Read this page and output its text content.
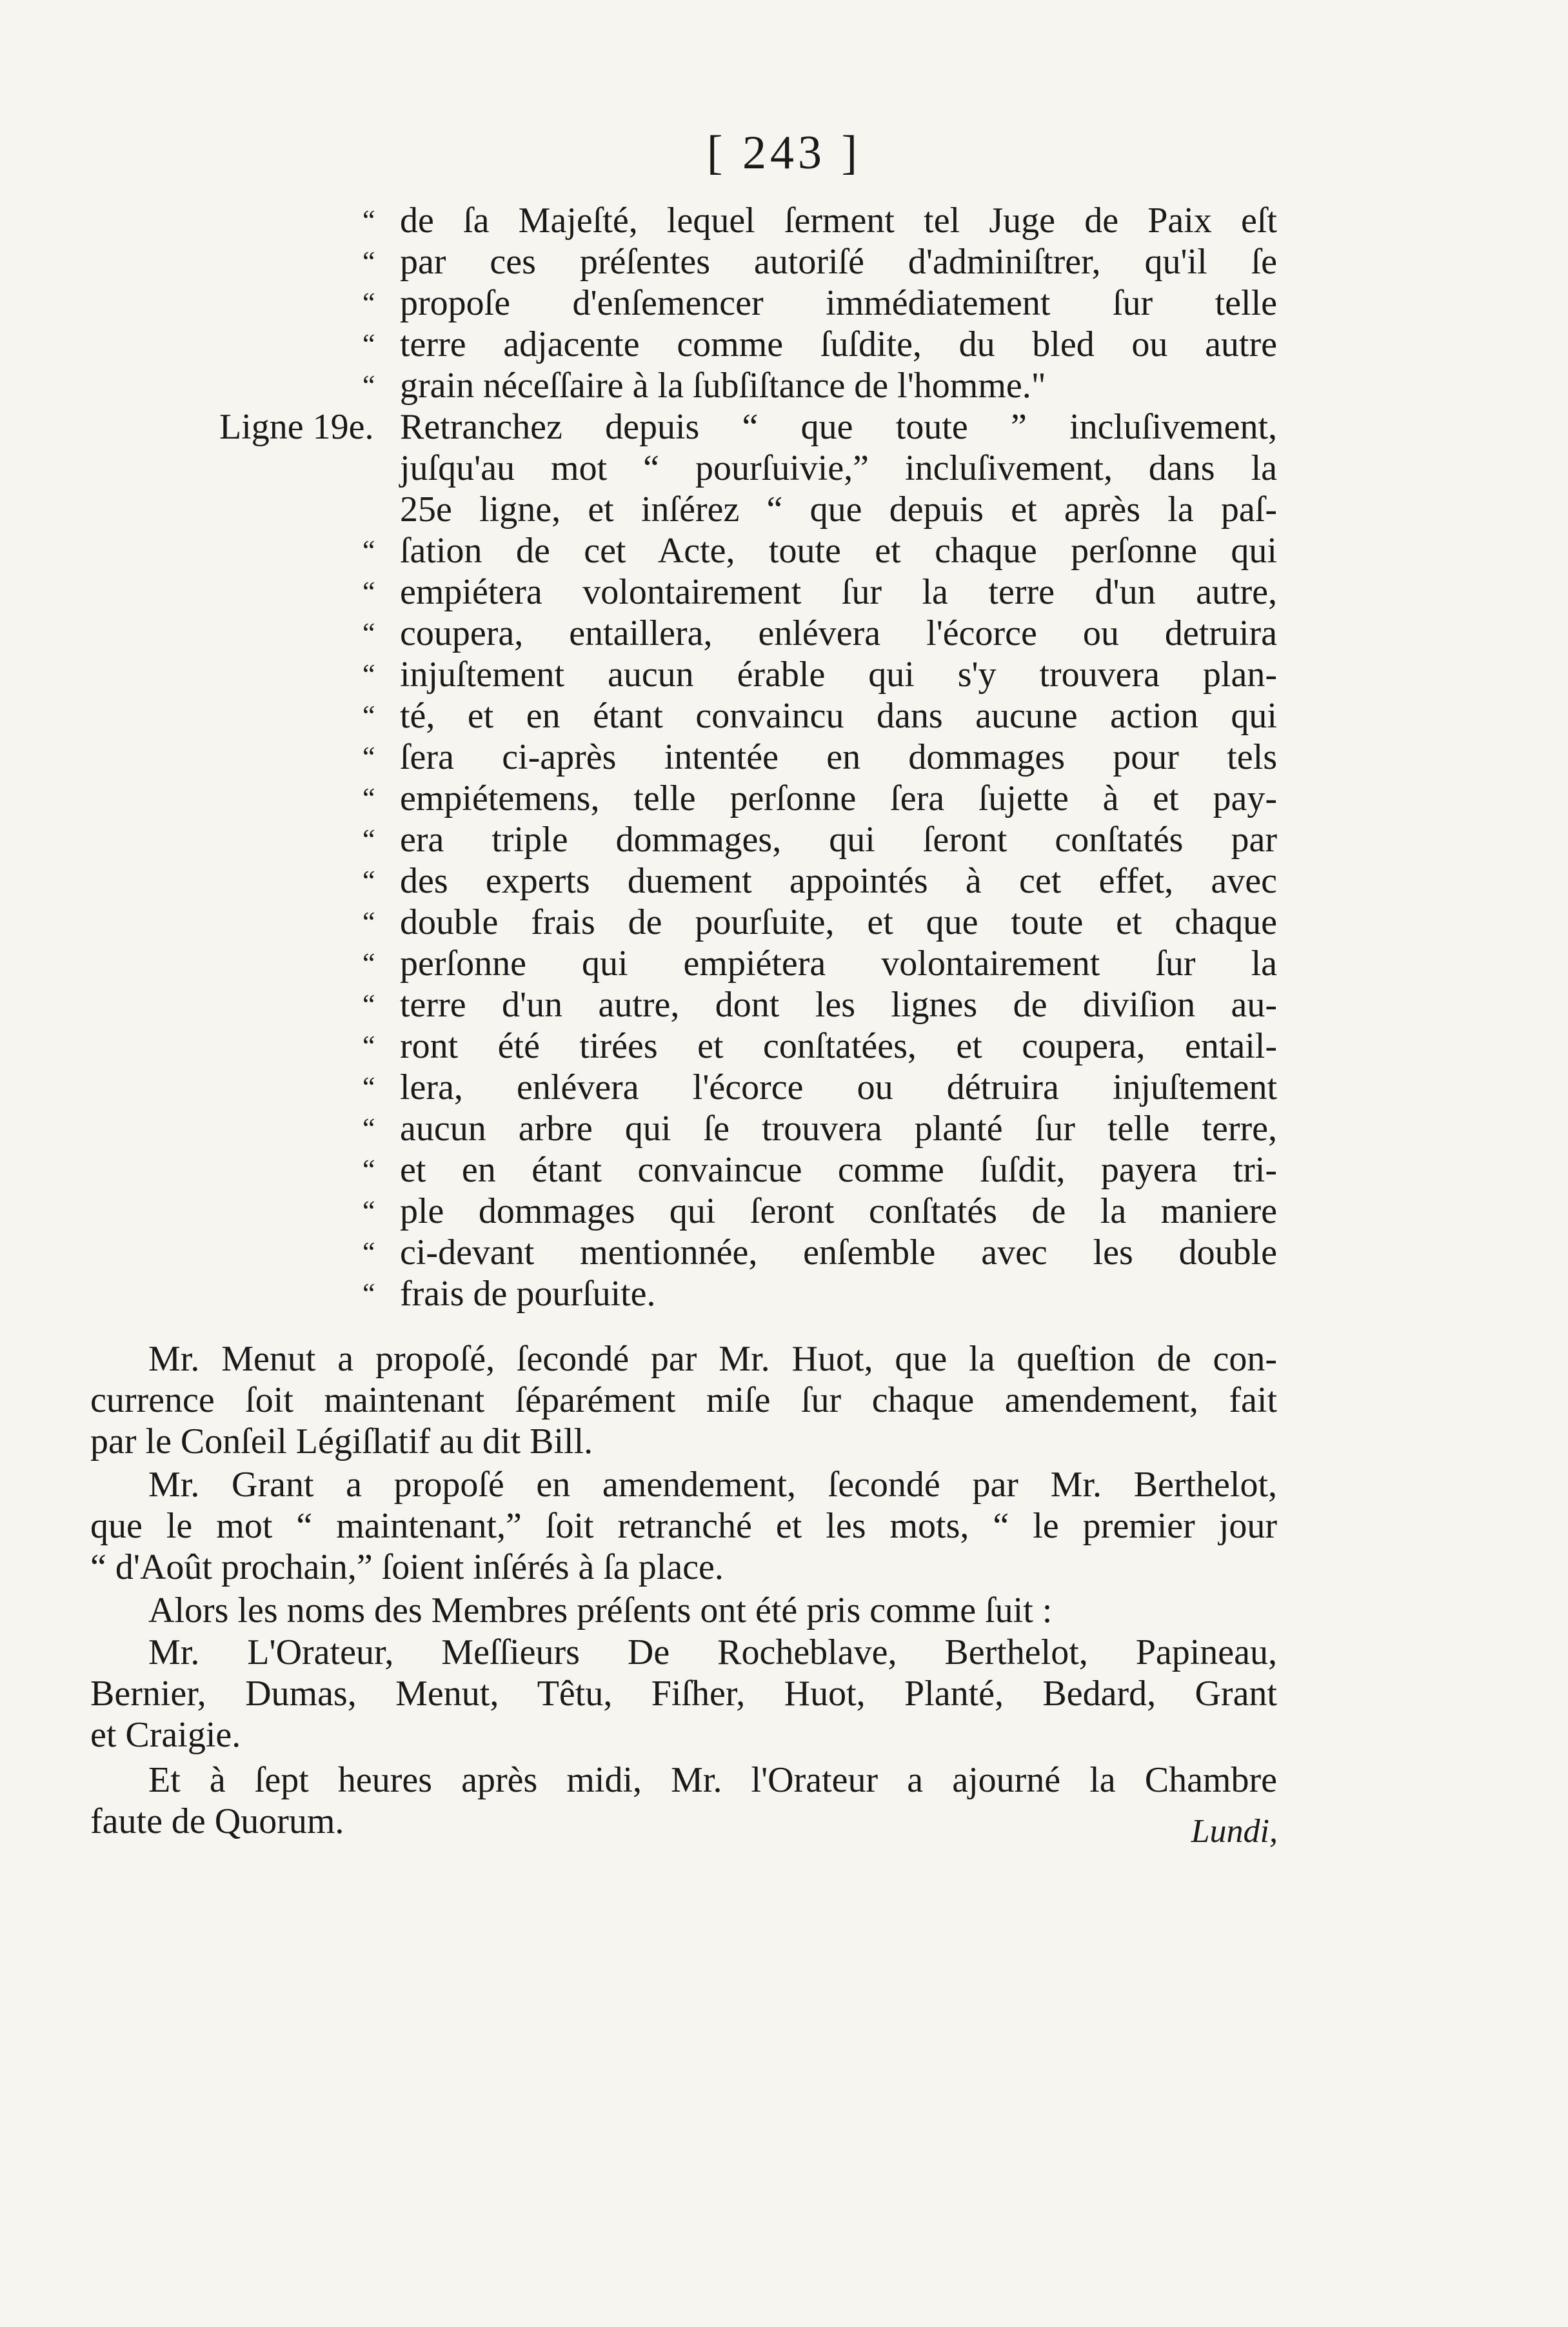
[ 243 ]
“ de ſa Majeſté, lequel ſerment tel Juge de Paix eſt
“ par ces préſentes autoriſé d'adminiſtrer, qu'il ſe
“ propoſe d'enſemencer immédiatement ſur telle
“ terre adjacente comme ſuſdite, du bled ou autre
“ grain néceſſaire à la ſubſiſtance de l'homme."
Ligne 19e. Retranchez depuis “ que toute ” incluſivement,
juſqu'au mot “ pourſuivie,” incluſivement, dans la
25e ligne, et inſérez “ que depuis et après la paſ-
“ ſation de cet Acte, toute et chaque perſonne qui
“ empiétera volontairement ſur la terre d'un autre,
“ coupera, entaillera, enlévera l'écorce ou detruira
“ injuſtement aucun érable qui s'y trouvera plan-
“ té, et en étant convaincu dans aucune action qui
“ ſera ci-après intentée en dommages pour tels
“ empiétemens, telle perſonne ſera ſujette à et pay-
“ era triple dommages, qui ſeront conſtatés par
“ des experts duement appointés à cet effet, avec
“ double frais de pourſuite, et que toute et chaque
“ perſonne qui empiétera volontairement ſur la
“ terre d'un autre, dont les lignes de diviſion au-
“ ront été tirées et conſtatées, et coupera, entail-
“ lera, enlévera l'écorce ou détruira injuſtement
“ aucun arbre qui ſe trouvera planté ſur telle terre,
“ et en étant convaincue comme ſuſdit, payera tri-
“ ple dommages qui ſeront conſtatés de la maniere
“ ci-devant mentionnée, enſemble avec les double
“ frais de pourſuite.
Mr. Menut a propoſé, ſecondé par Mr. Huot, que la queſtion de con-
currence ſoit maintenant ſéparément miſe ſur chaque amendement, fait
par le Conſeil Légiſlatif au dit Bill.
Mr. Grant a propoſé en amendement, ſecondé par Mr. Berthelot,
que le mot “ maintenant,” ſoit retranché et les mots, “ le premier jour
“ d'Août prochain,” ſoient inſérés à ſa place.
Alors les noms des Membres préſents ont été pris comme ſuit :
Mr. L'Orateur, Meſſieurs De Rocheblave, Berthelot, Papineau,
Bernier, Dumas, Menut, Têtu, Fiſher, Huot, Planté, Bedard, Grant
et Craigie.
Et à ſept heures après midi, Mr. l'Orateur a ajourné la Chambre
faute de Quorum.	Lundi,
